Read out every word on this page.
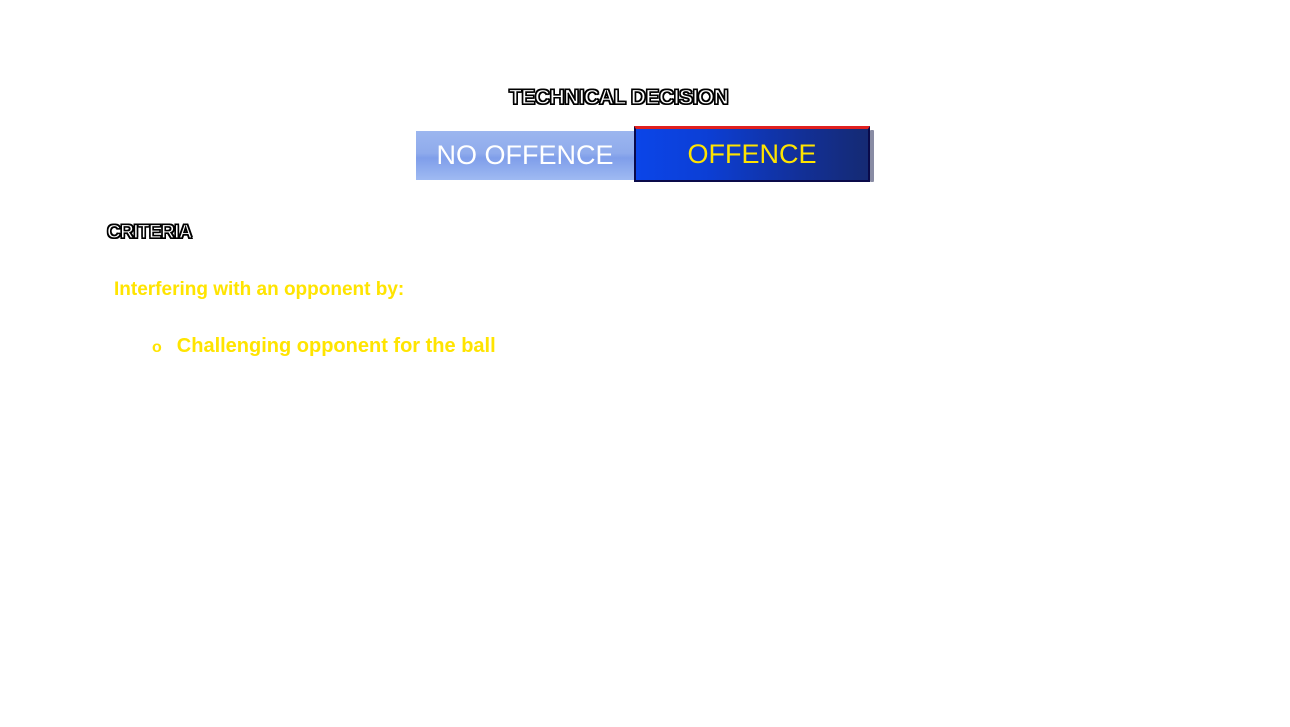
TECHNICAL DECISION
NO OFFENCE	OFFENCE
CRITERIA
Interfering with an opponent by:
o Challenging opponent for the ball
